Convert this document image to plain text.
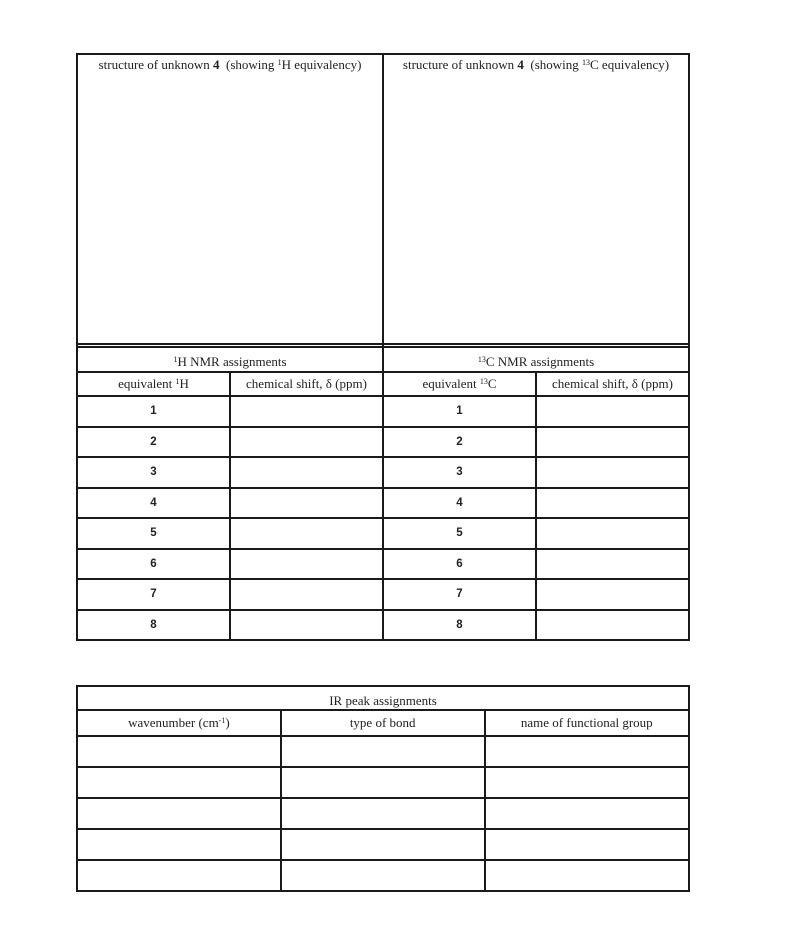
structure of unknown 4  (showing $^1$H equivalency)		structure of unknown 4  (showing $^{13}$C equivalency)	

$^1$H NMR assignments		$^{13}$C NMR assignments	
equivalent $^1$H	chemical shift, δ (ppm)	equivalent $^{13}$C	chemical shift, δ (ppm)
1		1	
2		2	
3		3	
4		4	
5		5	
6		6	
7		7	
8		8	
IR peak assignments		
wavenumber $(cm^{-1})$	type of bond	name of functional group
